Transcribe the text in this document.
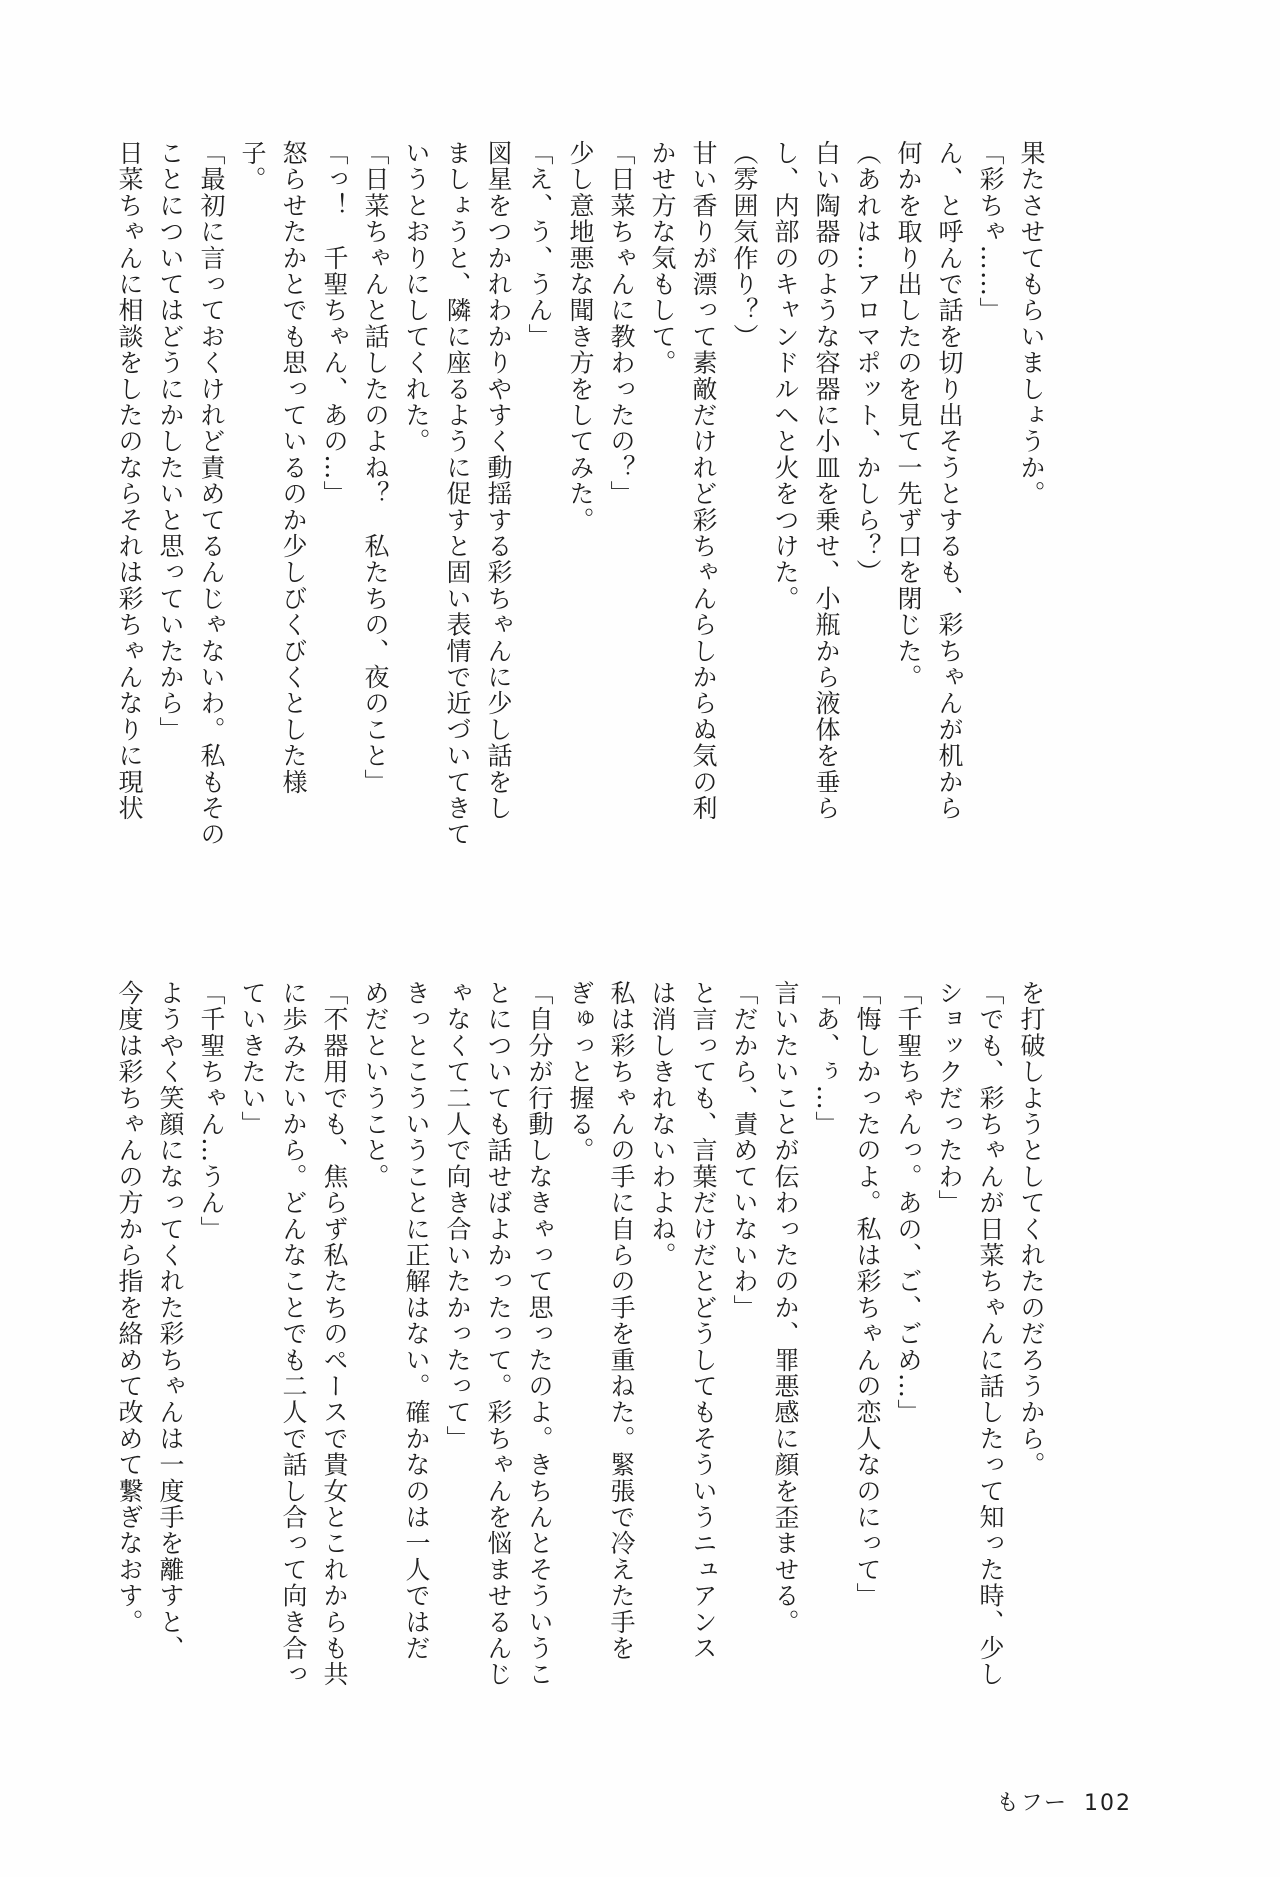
果たさせてもらいましょうか。
「彩ちゃ……」
ん、と呼んで話を切り出そうとするも、彩ちゃんが机から
何かを取り出したのを見て一先ず口を閉じた。
（あれは…アロマポット、かしら？）
白い陶器のような容器に小皿を乗せ、小瓶から液体を垂ら
し、内部のキャンドルへと火をつけた。
（雰囲気作り？）
甘い香りが漂って素敵だけれど彩ちゃんらしからぬ気の利
かせ方な気もして。
「日菜ちゃんに教わったの？」
少し意地悪な聞き方をしてみた。
「え、う、うん」
図星をつかれわかりやすく動揺する彩ちゃんに少し話をし
ましょうと、隣に座るように促すと固い表情で近づいてきて
いうとおりにしてくれた。
「日菜ちゃんと話したのよね？　私たちの、夜のこと」
「っ！　千聖ちゃん、あの…」
怒らせたかとでも思っているのか少しびくびくとした様
子。
「最初に言っておくけれど責めてるんじゃないわ。私もその
ことについてはどうにかしたいと思っていたから」
日菜ちゃんに相談をしたのならそれは彩ちゃんなりに現状
を打破しようとしてくれたのだろうから。
「でも、彩ちゃんが日菜ちゃんに話したって知った時、少し
ショックだったわ」
「千聖ちゃんっ。あの、ご、ごめ…」
「悔しかったのよ。私は彩ちゃんの恋人なのにって」
「あ、ぅ…」
言いたいことが伝わったのか、罪悪感に顔を歪ませる。
「だから、責めていないわ」
と言っても、言葉だけだとどうしてもそういうニュアンス
は消しきれないわよね。
私は彩ちゃんの手に自らの手を重ねた。緊張で冷えた手を
ぎゅっと握る。
「自分が行動しなきゃって思ったのよ。きちんとそういうこ
とについても話せばよかったって。彩ちゃんを悩ませるんじ
ゃなくて二人で向き合いたかったって」
きっとこういうことに正解はない。確かなのは一人ではだ
めだということ。
「不器用でも、焦らず私たちのペースで貴女とこれからも共
に歩みたいから。どんなことでも二人で話し合って向き合っ
ていきたい」
「千聖ちゃん…うん」
ようやく笑顔になってくれた彩ちゃんは一度手を離すと、
今度は彩ちゃんの方から指を絡めて改めて繋ぎなおす。
もフー 102
